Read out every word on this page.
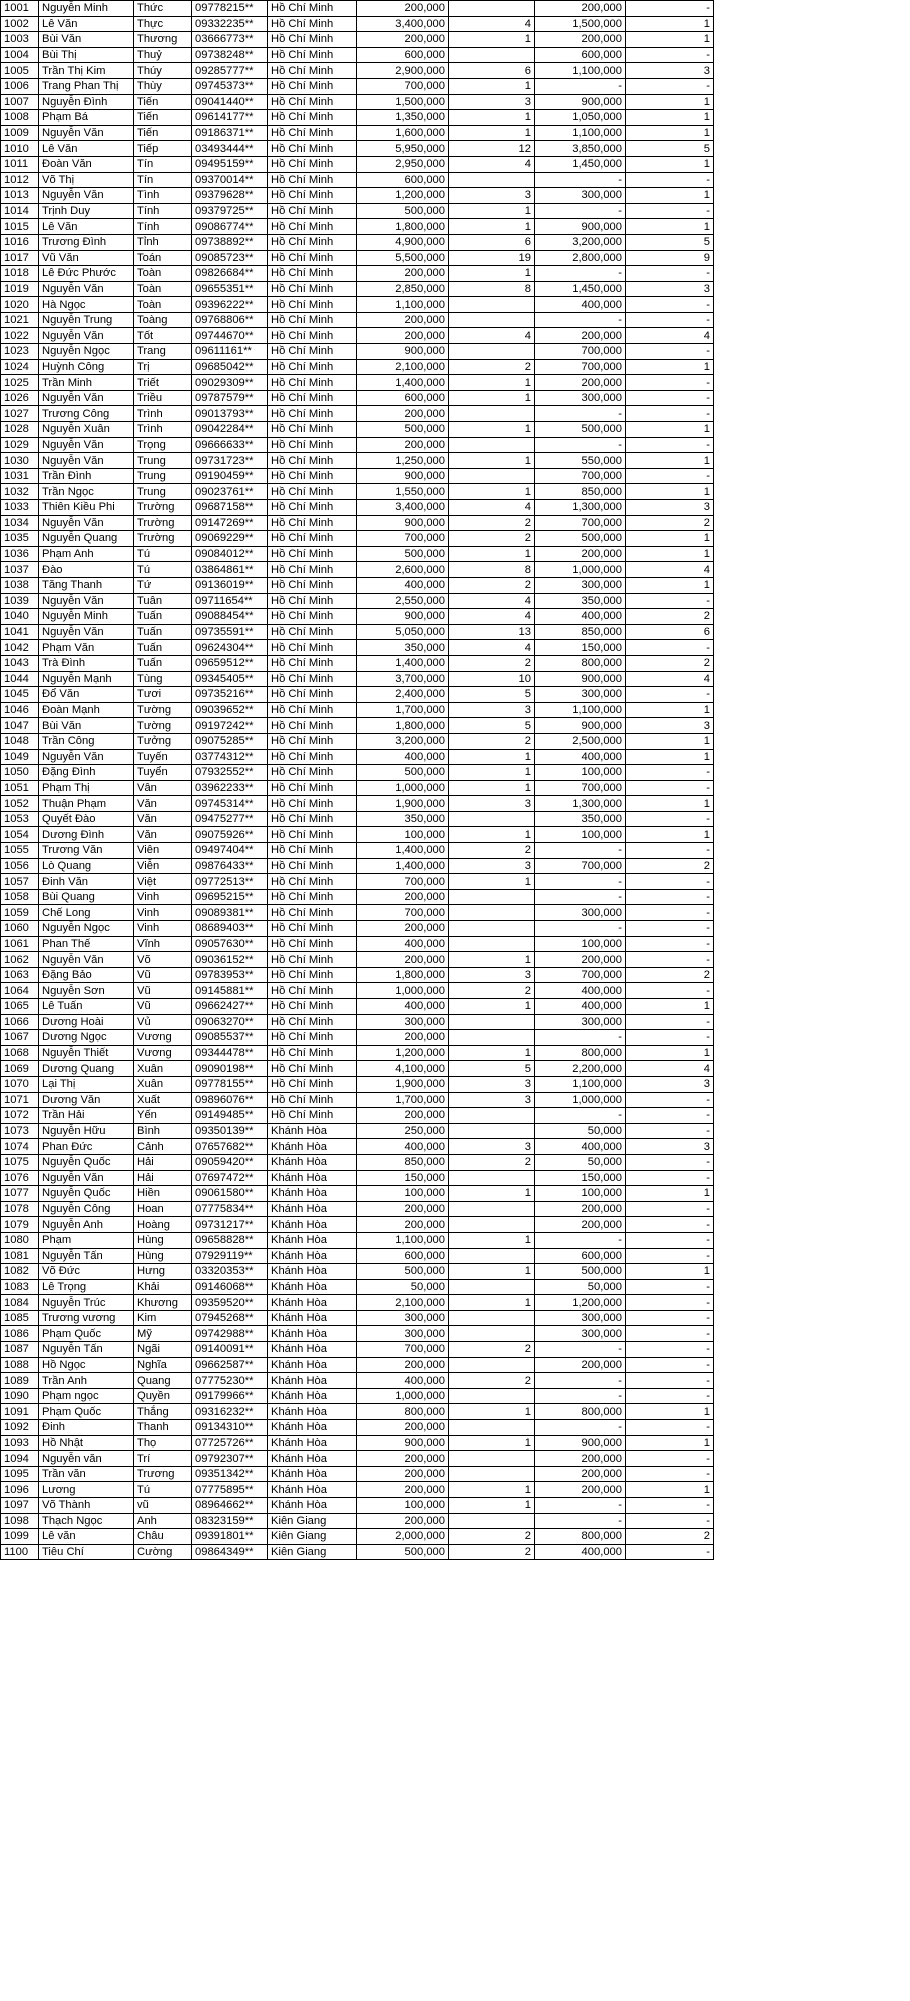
1001	Nguyễn Minh	Thức	09778215**	Hồ Chí Minh	200,000		200,000	-
1002	Lê Văn	Thực	09332235**	Hồ Chí Minh	3,400,000	4	1,500,000	1
1003	Bùi Văn	Thương	03666773**	Hồ Chí Minh	200,000	1	200,000	1
1004	Bùi Thị	Thuỷ	09738248**	Hồ Chí Minh	600,000		600,000	-
1005	Trần Thị Kim	Thúy	09285777**	Hồ Chí Minh	2,900,000	6	1,100,000	3
1006	Trang Phan Thị	Thùy	09745373**	Hồ Chí Minh	700,000	1	-	-
1007	Nguyễn Đình	Tiến	09041440**	Hồ Chí Minh	1,500,000	3	900,000	1
1008	Phạm Bá	Tiến	09614177**	Hồ Chí Minh	1,350,000	1	1,050,000	1
1009	Nguyễn Văn	Tiến	09186371**	Hồ Chí Minh	1,600,000	1	1,100,000	1
1010	Lê Văn	Tiếp	03493444**	Hồ Chí Minh	5,950,000	12	3,850,000	5
1011	Đoàn Văn	Tín	09495159**	Hồ Chí Minh	2,950,000	4	1,450,000	1
1012	Võ Thị	Tín	09370014**	Hồ Chí Minh	600,000		-	-
1013	Nguyễn Văn	Tình	09379628**	Hồ Chí Minh	1,200,000	3	300,000	1
1014	Trịnh Duy	Tính	09379725**	Hồ Chí Minh	500,000	1	-	-
1015	Lê Văn	Tính	09086774**	Hồ Chí Minh	1,800,000	1	900,000	1
1016	Trương Đình	Tỉnh	09738892**	Hồ Chí Minh	4,900,000	6	3,200,000	5
1017	Vũ Văn	Toán	09085723**	Hồ Chí Minh	5,500,000	19	2,800,000	9
1018	Lê Đức Phước	Toàn	09826684**	Hồ Chí Minh	200,000	1	-	-
1019	Nguyễn Văn	Toàn	09655351**	Hồ Chí Minh	2,850,000	8	1,450,000	3
1020	Hà Ngọc	Toàn	09396222**	Hồ Chí Minh	1,100,000		400,000	-
1021	Nguyễn Trung	Toàng	09768806**	Hồ Chí Minh	200,000		-	-
1022	Nguyễn Văn	Tốt	09744670**	Hồ Chí Minh	200,000	4	200,000	4
1023	Nguyễn Ngọc	Trang	09611161**	Hồ Chí Minh	900,000		700,000	-
1024	Huỳnh Công	Trị	09685042**	Hồ Chí Minh	2,100,000	2	700,000	1
1025	Trần Minh	Triết	09029309**	Hồ Chí Minh	1,400,000	1	200,000	-
1026	Nguyễn Văn	Triều	09787579**	Hồ Chí Minh	600,000	1	300,000	-
1027	Trương Công	Trình	09013793**	Hồ Chí Minh	200,000		-	-
1028	Nguyễn Xuân	Trình	09042284**	Hồ Chí Minh	500,000	1	500,000	1
1029	Nguyễn Văn	Trọng	09666633**	Hồ Chí Minh	200,000		-	-
1030	Nguyễn Văn	Trung	09731723**	Hồ Chí Minh	1,250,000	1	550,000	1
1031	Trần Đình	Trung	09190459**	Hồ Chí Minh	900,000		700,000	-
1032	Trần Ngọc	Trung	09023761**	Hồ Chí Minh	1,550,000	1	850,000	1
1033	Thiên Kiều Phi	Trường	09687158**	Hồ Chí Minh	3,400,000	4	1,300,000	3
1034	Nguyễn Văn	Trường	09147269**	Hồ Chí Minh	900,000	2	700,000	2
1035	Nguyễn Quang	Trường	09069229**	Hồ Chí Minh	700,000	2	500,000	1
1036	Phạm Anh	Tú	09084012**	Hồ Chí Minh	500,000	1	200,000	1
1037	Đào	Tú	03864861**	Hồ Chí Minh	2,600,000	8	1,000,000	4
1038	Tăng Thanh	Tứ	09136019**	Hồ Chí Minh	400,000	2	300,000	1
1039	Nguyễn Văn	Tuân	09711654**	Hồ Chí Minh	2,550,000	4	350,000	-
1040	Nguyễn Minh	Tuấn	09088454**	Hồ Chí Minh	900,000	4	400,000	2
1041	Nguyễn Văn	Tuấn	09735591**	Hồ Chí Minh	5,050,000	13	850,000	6
1042	Phạm Văn	Tuấn	09624304**	Hồ Chí Minh	350,000	4	150,000	-
1043	Trà Đình	Tuấn	09659512**	Hồ Chí Minh	1,400,000	2	800,000	2
1044	Nguyễn Mạnh	Tùng	09345405**	Hồ Chí Minh	3,700,000	10	900,000	4
1045	Đổ Văn	Tươi	09735216**	Hồ Chí Minh	2,400,000	5	300,000	-
1046	Đoàn Mạnh	Tường	09039652**	Hồ Chí Minh	1,700,000	3	1,100,000	1
1047	Bùi Văn	Tường	09197242**	Hồ Chí Minh	1,800,000	5	900,000	3
1048	Trần Công	Tưởng	09075285**	Hồ Chí Minh	3,200,000	2	2,500,000	1
1049	Nguyễn Văn	Tuyến	03774312**	Hồ Chí Minh	400,000	1	400,000	1
1050	Đặng Đình	Tuyển	07932552**	Hồ Chí Minh	500,000	1	100,000	-
1051	Phạm Thị	Vân	03962233**	Hồ Chí Minh	1,000,000	1	700,000	-
1052	Thuận Phạm	Văn	09745314**	Hồ Chí Minh	1,900,000	3	1,300,000	1
1053	Quyết Đào	Văn	09475277**	Hồ Chí Minh	350,000		350,000	-
1054	Dương Đình	Văn	09075926**	Hồ Chí Minh	100,000	1	100,000	1
1055	Trương Văn	Viên	09497404**	Hồ Chí Minh	1,400,000	2	-	-
1056	Lò Quang	Viễn	09876433**	Hồ Chí Minh	1,400,000	3	700,000	2
1057	Đinh Văn	Việt	09772513**	Hồ Chí Minh	700,000	1	-	-
1058	Bùi Quang	Vinh	09695215**	Hồ Chí Minh	200,000		-	-
1059	Chế Long	Vinh	09089381**	Hồ Chí Minh	700,000		300,000	-
1060	Nguyễn Ngọc	Vinh	08689403**	Hồ Chí Minh	200,000		-	-
1061	Phan Thế	Vĩnh	09057630**	Hồ Chí Minh	400,000		100,000	-
1062	Nguyễn Văn	Võ	09036152**	Hồ Chí Minh	200,000	1	200,000	-
1063	Đặng Bảo	Vũ	09783953**	Hồ Chí Minh	1,800,000	3	700,000	2
1064	Nguyễn Sơn	Vũ	09145881**	Hồ Chí Minh	1,000,000	2	400,000	-
1065	Lê Tuấn	Vũ	09662427**	Hồ Chí Minh	400,000	1	400,000	1
1066	Dương Hoài	Vủ	09063270**	Hồ Chí Minh	300,000		300,000	-
1067	Dương Ngọc	Vương	09085537**	Hồ Chí Minh	200,000		-	-
1068	Nguyễn Thiết	Vương	09344478**	Hồ Chí Minh	1,200,000	1	800,000	1
1069	Dương Quang	Xuân	09090198**	Hồ Chí Minh	4,100,000	5	2,200,000	4
1070	Lại Thị	Xuân	09778155**	Hồ Chí Minh	1,900,000	3	1,100,000	3
1071	Dương Văn	Xuất	09896076**	Hồ Chí Minh	1,700,000	3	1,000,000	-
1072	Trần Hải	Yến	09149485**	Hồ Chí Minh	200,000		-	-
1073	Nguyễn Hữu	Bình	09350139**	Khánh Hòa	250,000		50,000	-
1074	Phan Đức	Cảnh	07657682**	Khánh Hòa	400,000	3	400,000	3
1075	Nguyễn Quốc	Hải	09059420**	Khánh Hòa	850,000	2	50,000	-
1076	Nguyễn Văn	Hải	07697472**	Khánh Hòa	150,000		150,000	-
1077	Nguyễn Quốc	Hiền	09061580**	Khánh Hòa	100,000	1	100,000	1
1078	Nguyễn Công	Hoan	07775834**	Khánh Hòa	200,000		200,000	-
1079	Nguyễn Anh	Hoàng	09731217**	Khánh Hòa	200,000		200,000	-
1080	Phạm	Hùng	09658828**	Khánh Hòa	1,100,000	1	-	-
1081	Nguyễn Tấn	Hùng	07929119**	Khánh Hòa	600,000		600,000	-
1082	Võ Đức	Hưng	03320353**	Khánh Hòa	500,000	1	500,000	1
1083	Lê Trọng	Khải	09146068**	Khánh Hòa	50,000		50,000	-
1084	Nguyễn Trúc	Khương	09359520**	Khánh Hòa	2,100,000	1	1,200,000	-
1085	Trương vương	Kim	07945268**	Khánh Hòa	300,000		300,000	-
1086	Phạm Quốc	Mỹ	09742988**	Khánh Hòa	300,000		300,000	-
1087	Nguyễn Tấn	Ngãi	09140091**	Khánh Hòa	700,000	2	-	-
1088	Hồ Ngọc	Nghĩa	09662587**	Khánh Hòa	200,000		200,000	-
1089	Trần Anh	Quang	07775230**	Khánh Hòa	400,000	2	-	-
1090	Phạm ngọc	Quyền	09179966**	Khánh Hòa	1,000,000		-	-
1091	Phạm Quốc	Thắng	09316232**	Khánh Hòa	800,000	1	800,000	1
1092	Đinh	Thanh	09134310**	Khánh Hòa	200,000		-	-
1093	Hồ Nhật	Thọ	07725726**	Khánh Hòa	900,000	1	900,000	1
1094	Nguyễn văn	Trí	09792307**	Khánh Hòa	200,000		200,000	-
1095	Trần văn	Trương	09351342**	Khánh Hòa	200,000		200,000	-
1096	Lương	Tú	07775895**	Khánh Hòa	200,000	1	200,000	1
1097	Võ Thành	vũ	08964662**	Khánh Hòa	100,000	1	-	-
1098	Thạch Ngọc	Anh	08323159**	Kiên Giang	200,000		-	-
1099	Lê văn	Châu	09391801**	Kiên Giang	2,000,000	2	800,000	2
1100	Tiêu Chí	Cường	09864349**	Kiên Giang	500,000	2	400,000	-
